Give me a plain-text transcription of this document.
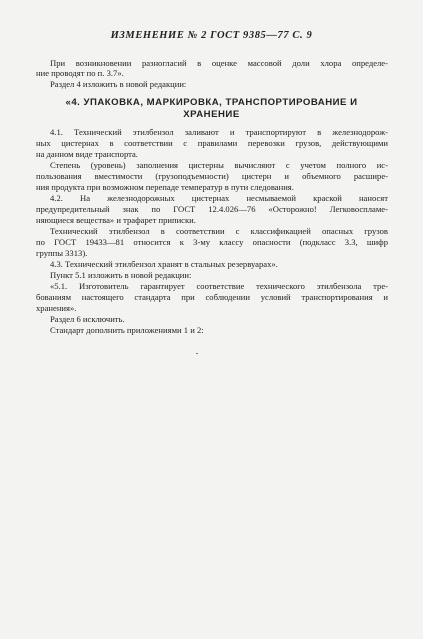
ИЗМЕНЕНИЕ № 2 ГОСТ 9385—77 С. 9
При возникновении разногласий в оценке массовой доли хлора определе-
ние проводят по п. 3.7».
Раздел 4 изложить в новой редакции:
«4. УПАКОВКА, МАРКИРОВКА, ТРАНСПОРТИРОВАНИЕ И
ХРАНЕНИЕ
4.1. Технический этилбензол заливают и транспортируют в железнодорож-
ных цистернах в соответствии с правилами перевозки грузов, действующими
на данном виде транспорта.
Степень (уровень) заполнения цистерны вычисляют с учетом полного ис-
пользования вместимости (грузоподъемности) цистерн и объемного расшире-
ния продукта при возможном перепаде температур в пути следования.
4.2. На железнодорожных цистернах несмываемой краской наносят
предупредительный знак по ГОСТ 12.4.026—76 «Осторожно! Легковоспламе-
няющиеся вещества» и трафарет приписки.
Технический этилбензол в соответствии с классификацией опасных грузов
по ГОСТ 19433—81 относится к 3-му классу опасности (подкласс 3.3, шифр
группы 3313).
4.3. Технический этилбензол хранят в стальных резервуарах».
Пункт 5.1 изложить в новой редакции:
«5.1. Изготовитель гарантирует соответствие технического этилбензола тре-
бованиям настоящего стандарта при соблюдении условий транспортирования и
хранения».
Раздел 6 исключить.
Стандарт дополнить приложениями 1 и 2:
